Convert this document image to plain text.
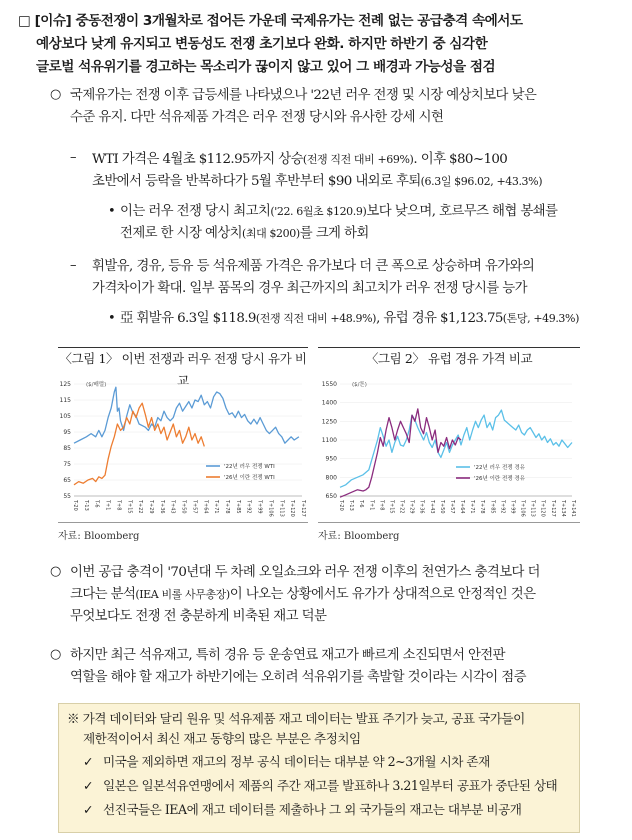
□ [이슈] 중동전쟁이 3개월차로 접어든 가운데 국제유가는 전례 없는 공급충격 속에서도
예상보다 낮게 유지되고 변동성도 전쟁 초기보다 완화. 하지만 하반기 중 심각한
글로벌 석유위기를 경고하는 목소리가 끊이지 않고 있어 그 배경과 가능성을 점검
○ 국제유가는 전쟁 이후 급등세를 나타냈으나 '22년 러우 전쟁 및 시장 예상치보다 낮은
수준 유지. 다만 석유제품 가격은 러우 전쟁 당시와 유사한 강세 시현
– WTI 가격은 4월초 $112.95까지 상승(전쟁 직전 대비 +69%). 이후 $80~100
초반에서 등락을 반복하다가 5월 후반부터 $90 내외로 후퇴(6.3일 $96.02, +43.3%)
• 이는 러우 전쟁 당시 최고치('22. 6월초 $120.9)보다 낮으며, 호르무즈 해협 봉쇄를
전제로 한 시장 예상치(최대 $200)를 크게 하회
– 휘발유, 경유, 등유 등 석유제품 가격은 유가보다 더 큰 폭으로 상승하며 유가와의
가격차이가 확대. 일부 품목의 경우 최근까지의 최고치가 러우 전쟁 당시를 능가
• 亞 휘발유 6.3일 $118.9(전쟁 직전 대비 +48.9%), 유럽 경유 $1,123.75(톤당, +49.3%)
〈그림 1〉 이번 전쟁과 러우 전쟁 당시 유가 비교
($/배럴)
125
115
105
95
85
75
65
55
T-20 T-13 T-6 T+1 T+8 T+15 T+22 T+29 T+36 T+43 T+50 T+57 T+64 T+71 T+78 T+85 T+92 T+99 T+106 T+113 T+120 T+127
'22년 러우 전쟁 WTI
'26년 이란 전쟁 WTI
자료: Bloomberg
〈그림 2〉 유럽 경유 가격 비교
($/톤)
1550
1400
1250
1100
950
800
650
T-20 T-13 T-6 T+1 T+8 T+15 T+22 T+29 T+36 T+43 T+50 T+57 T+64 T+71 T+78 T+85 T+92 T+99 T+106 T+113 T+120 T+127 T+134 T+141
'22년 러우 전쟁 경유
'26년 이란 전쟁 경유
자료: Bloomberg
○ 이번 공급 충격이 '70년대 두 차례 오일쇼크와 러우 전쟁 이후의 천연가스 충격보다 더
크다는 분석(IEA 비롤 사무총장)이 나오는 상황에서도 유가가 상대적으로 안정적인 것은
무엇보다도 전쟁 전 충분하게 비축된 재고 덕분
○ 하지만 최근 석유재고, 특히 경유 등 운송연료 재고가 빠르게 소진되면서 안전판
역할을 해야 할 재고가 하반기에는 오히려 석유위기를 촉발할 것이라는 시각이 점증
※ 가격 데이터와 달리 원유 및 석유제품 재고 데이터는 발표 주기가 늦고, 공표 국가들이
제한적이어서 최신 재고 동향의 많은 부분은 추정치임
✓ 미국을 제외하면 재고의 정부 공식 데이터는 대부분 약 2~3개월 시차 존재
✓ 일본은 일본석유연맹에서 제품의 주간 재고를 발표하나 3.21일부터 공표가 중단된 상태
✓ 선진국들은 IEA에 재고 데이터를 제출하나 그 외 국가들의 재고는 대부분 비공개
